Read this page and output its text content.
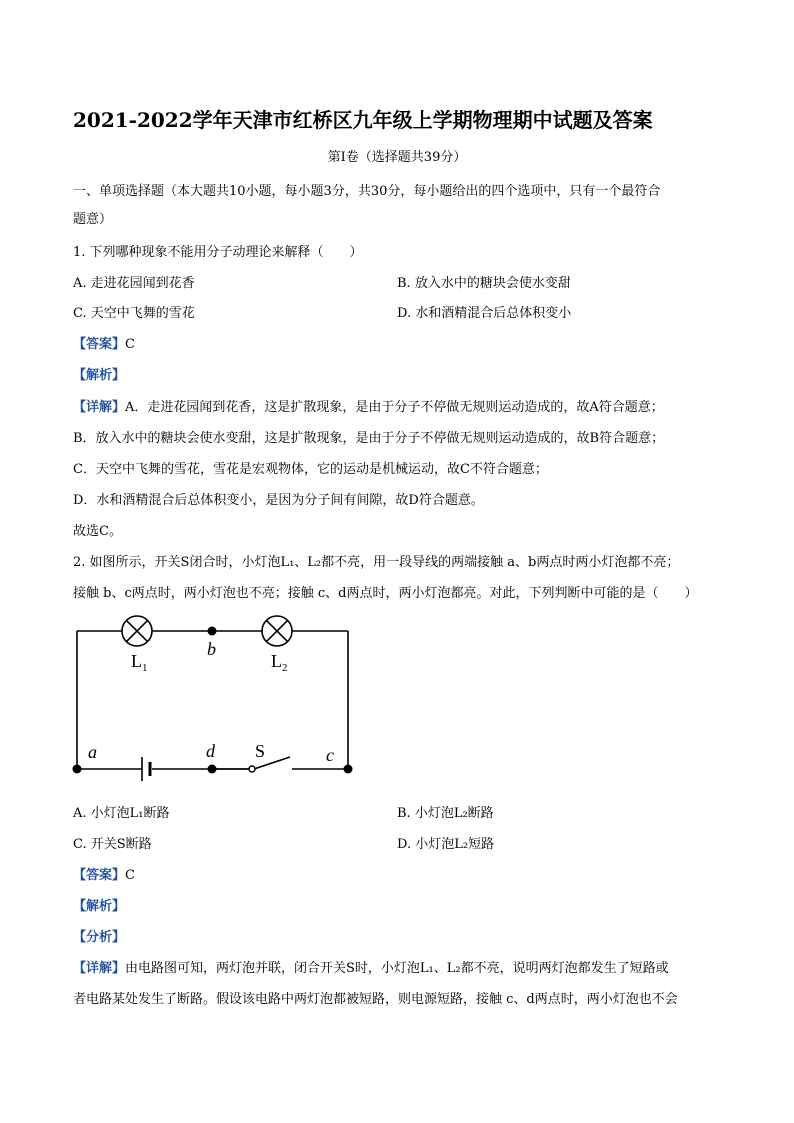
2021-2022学年天津市红桥区九年级上学期物理期中试题及答案
第I卷（选择题共39分）
一、单项选择题（本大题共10小题，每小题3分，共30分，每小题给出的四个选项中，只有一个最符合
题意）
1. 下列哪种现象不能用分子动理论来解释（　　）
A. 走进花园闻到花香	B. 放入水中的糖块会使水变甜
C. 天空中飞舞的雪花	D. 水和酒精混合后总体积变小
【答案】C
【解析】
【详解】A．走进花园闻到花香，这是扩散现象，是由于分子不停做无规则运动造成的，故A符合题意；
B．放入水中的糖块会使水变甜，这是扩散现象，是由于分子不停做无规则运动造成的，故B符合题意；
C．天空中飞舞的雪花，雪花是宏观物体，它的运动是机械运动，故C不符合题意；
D．水和酒精混合后总体积变小，是因为分子间有间隙，故D符合题意。
故选C。
2. 如图所示，开关S闭合时，小灯泡L₁、L₂都不亮，用一段导线的两端接触 a、b两点时两小灯泡都不亮；
接触 b、c两点时，两小灯泡也不亮；接触 c、d两点时，两小灯泡都亮。对此，下列判断中可能的是（　　）
$L_1$
b
$L_2$
a	d S	c
A. 小灯泡L₁断路	B. 小灯泡L₂断路
C. 开关S断路	D. 小灯泡L₂短路
【答案】C
【解析】
【分析】
【详解】由电路图可知，两灯泡并联，闭合开关S时，小灯泡L₁、L₂都不亮，说明两灯泡都发生了短路或
者电路某处发生了断路。假设该电路中两灯泡都被短路，则电源短路，接触 c、d两点时，两小灯泡也不会
